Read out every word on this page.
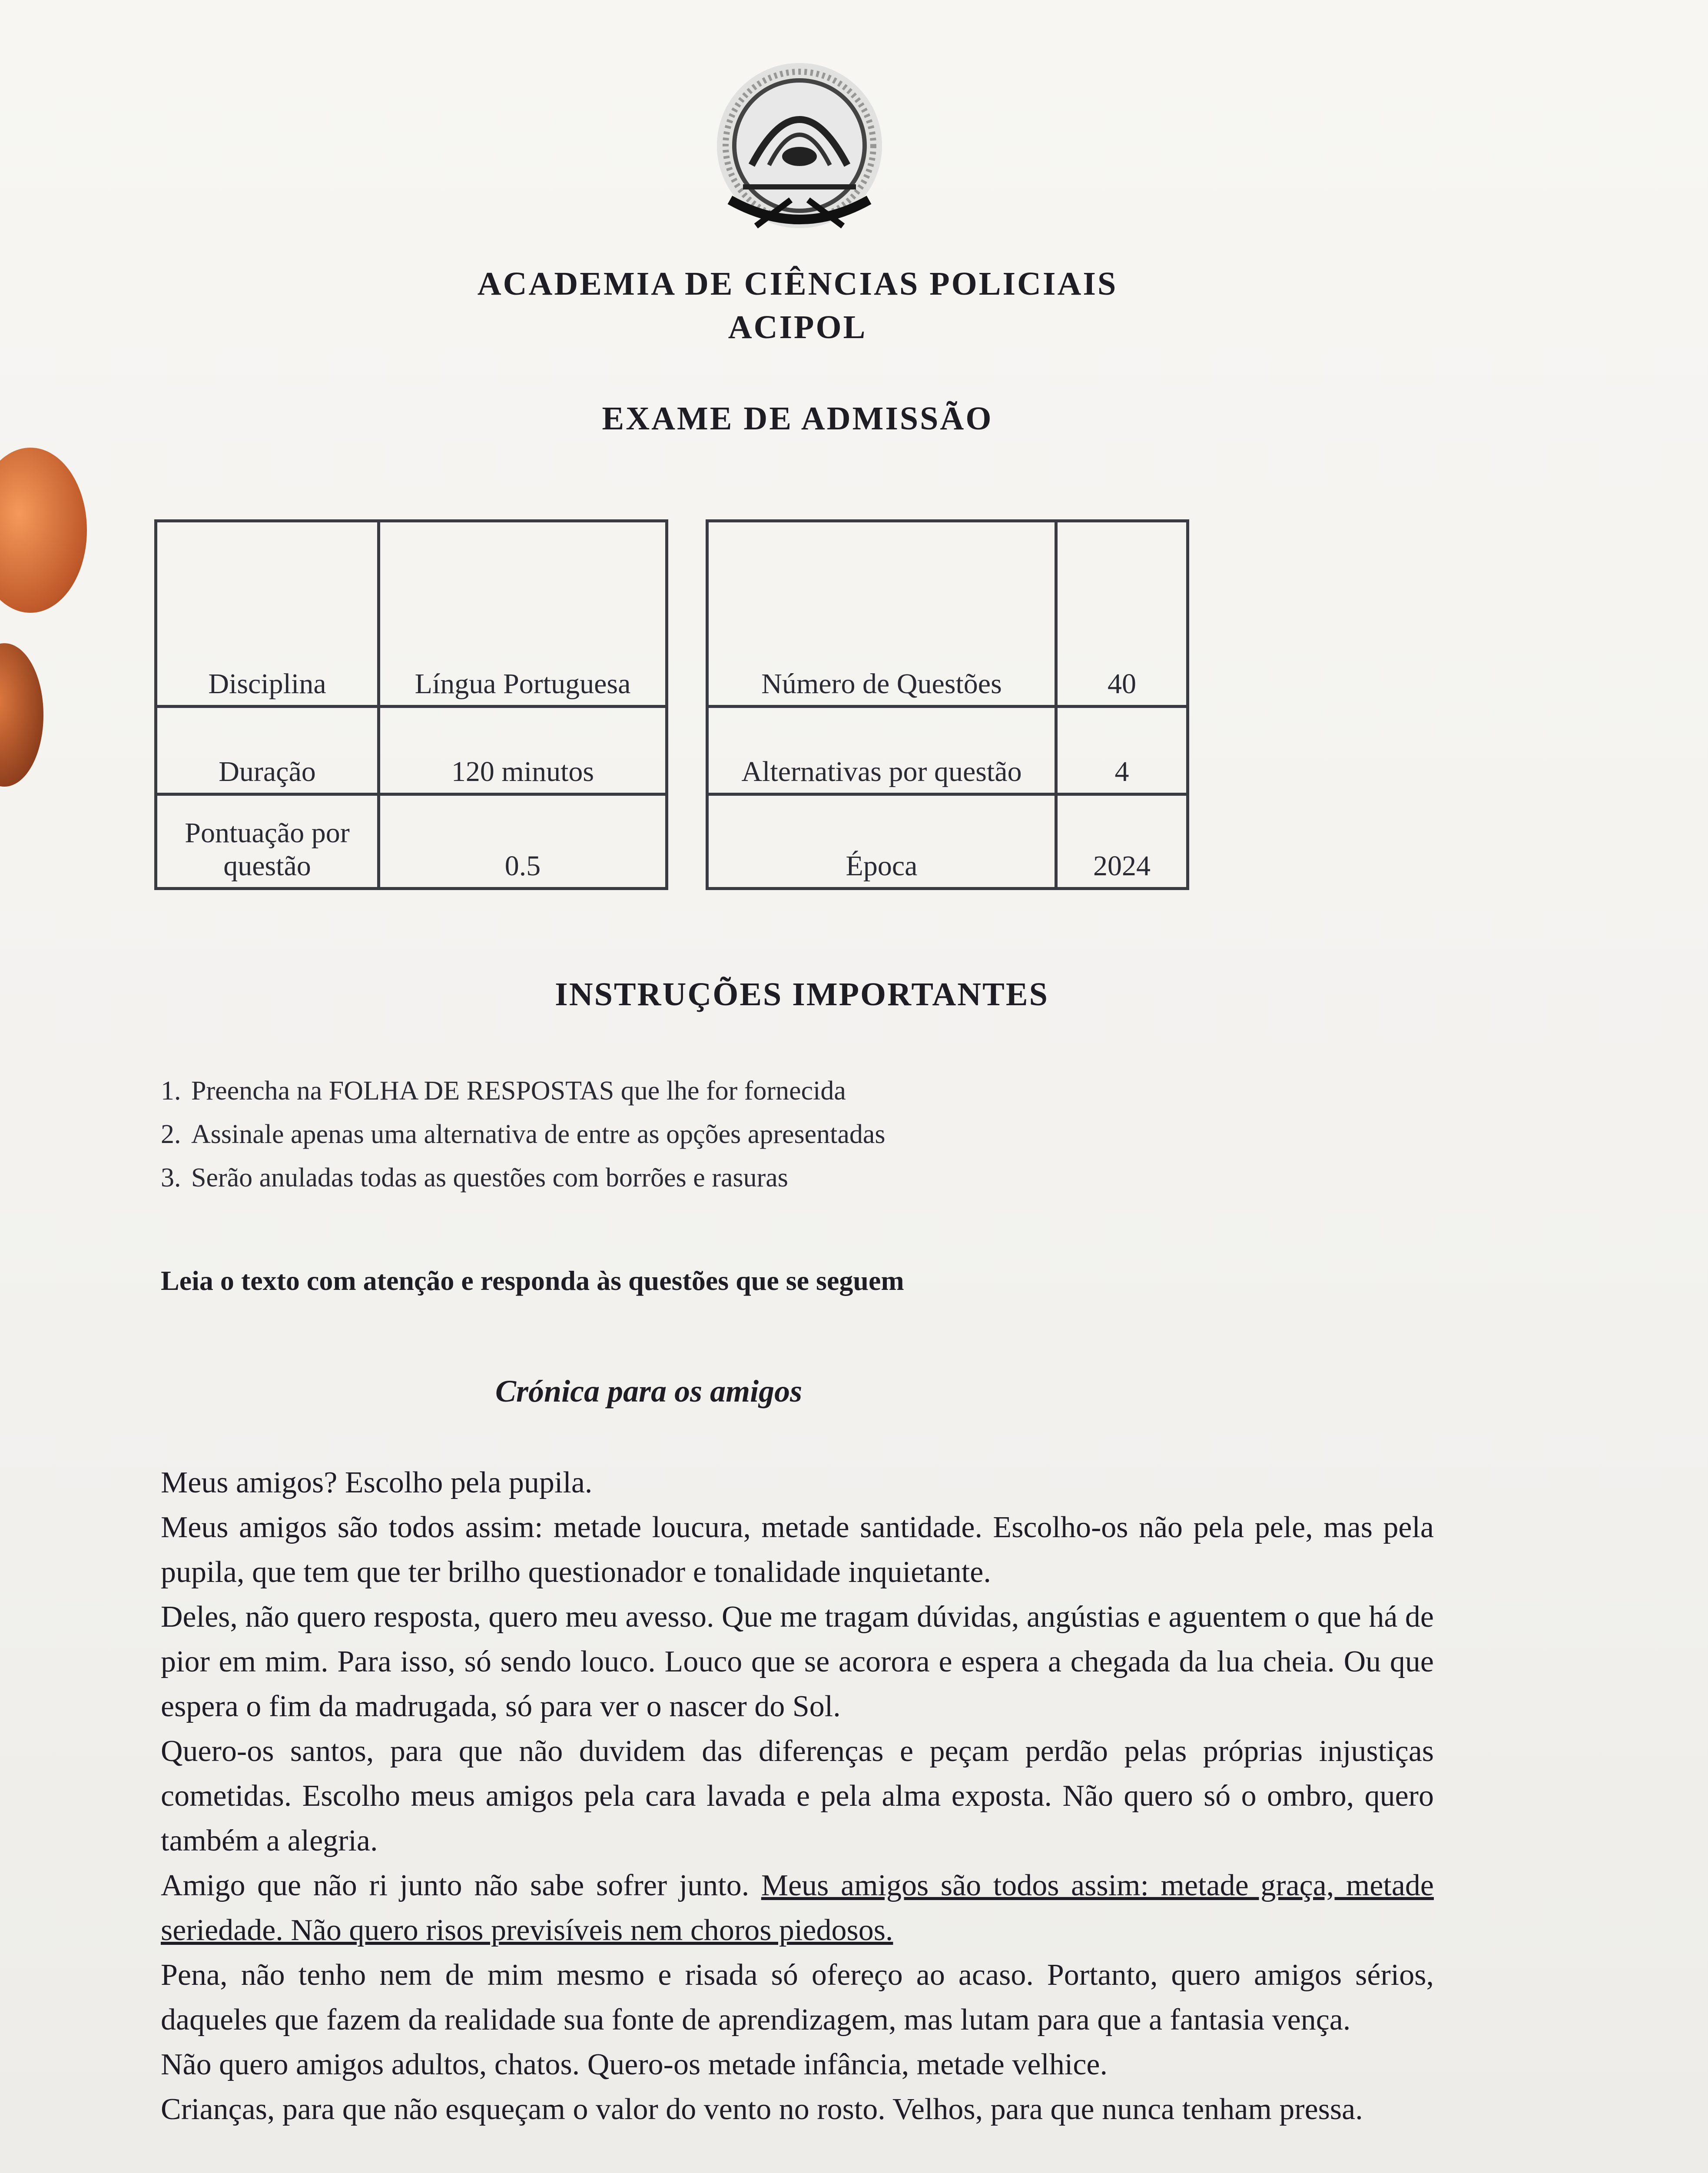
ACADEMIA DE CIÊNCIAS POLICIAIS
ACIPOL
EXAME DE ADMISSÃO
Disciplina	Língua Portuguesa		Número de Questões	40
Duração	120 minutos		Alternativas por questão	4
Pontuação por questão	0.5		Época	2024
INSTRUÇÕES IMPORTANTES
1. Preencha na FOLHA DE RESPOSTAS que lhe for fornecida
2. Assinale apenas uma alternativa de entre as opções apresentadas
3. Serão anuladas todas as questões com borrões e rasuras
Leia o texto com atenção e responda às questões que se seguem
Crónica para os amigos

Meus amigos? Escolho pela pupila.

Meus amigos são todos assim: metade loucura, metade santidade. Escolho-os não pela pele, mas pela pupila, que tem que ter brilho questionador e tonalidade inquietante.

Deles, não quero resposta, quero meu avesso. Que me tragam dúvidas, angústias e aguentem o que há de pior em mim. Para isso, só sendo louco. Louco que se acorora e espera a chegada da lua cheia. Ou que espera o fim da madrugada, só para ver o nascer do Sol.

Quero-os santos, para que não duvidem das diferenças e peçam perdão pelas próprias injustiças cometidas. Escolho meus amigos pela cara lavada e pela alma exposta. Não quero só o ombro, quero também a alegria.

Amigo que não ri junto não sabe sofrer junto. Meus amigos são todos assim: metade graça, metade seriedade. Não quero risos previsíveis nem choros piedosos.

Pena, não tenho nem de mim mesmo e risada só ofereço ao acaso. Portanto, quero amigos sérios, daqueles que fazem da realidade sua fonte de aprendizagem, mas lutam para que a fantasia vença.

Não quero amigos adultos, chatos. Quero-os metade infância, metade velhice.

Crianças, para que não esqueçam o valor do vento no rosto. Velhos, para que nunca tenham pressa.
